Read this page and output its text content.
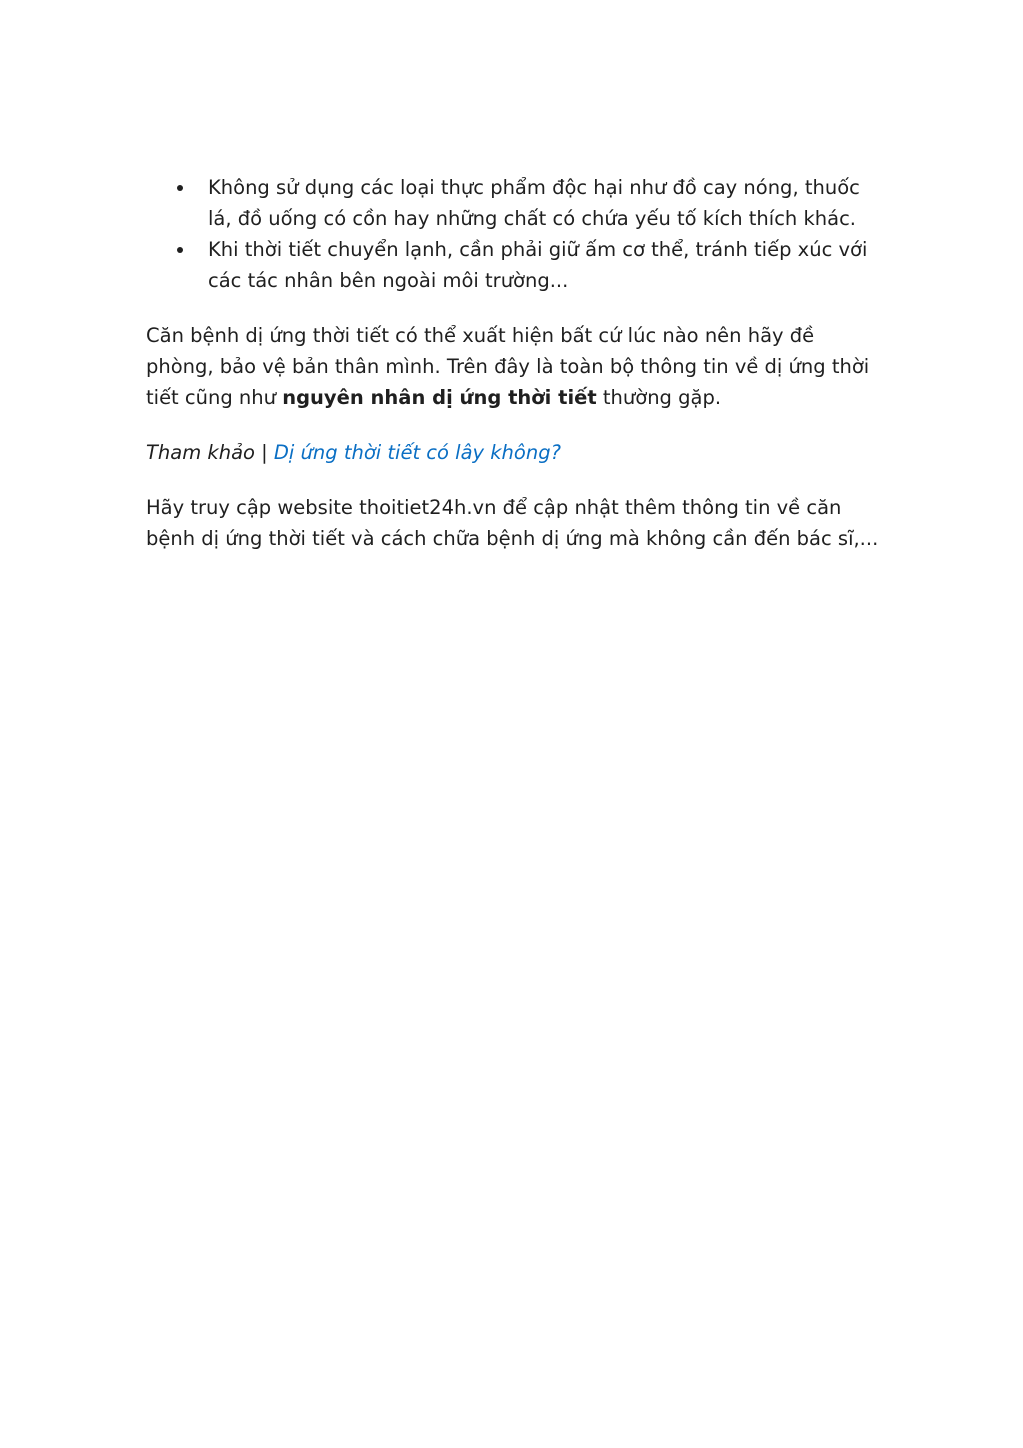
Không sử dụng các loại thực phẩm độc hại như đồ cay nóng, thuốc lá, đồ uống có cồn hay những chất có chứa yếu tố kích thích khác.
Khi thời tiết chuyển lạnh, cần phải giữ ấm cơ thể, tránh tiếp xúc với các tác nhân bên ngoài môi trường...

Căn bệnh dị ứng thời tiết có thể xuất hiện bất cứ lúc nào nên hãy đề phòng, bảo vệ bản thân mình. Trên đây là toàn bộ thông tin về dị ứng thời tiết cũng như nguyên nhân dị ứng thời tiết thường gặp.

Tham khảo | Dị ứng thời tiết có lây không?

Hãy truy cập website thoitiet24h.vn để cập nhật thêm thông tin về căn bệnh dị ứng thời tiết và cách chữa bệnh dị ứng mà không cần đến bác sĩ,...
